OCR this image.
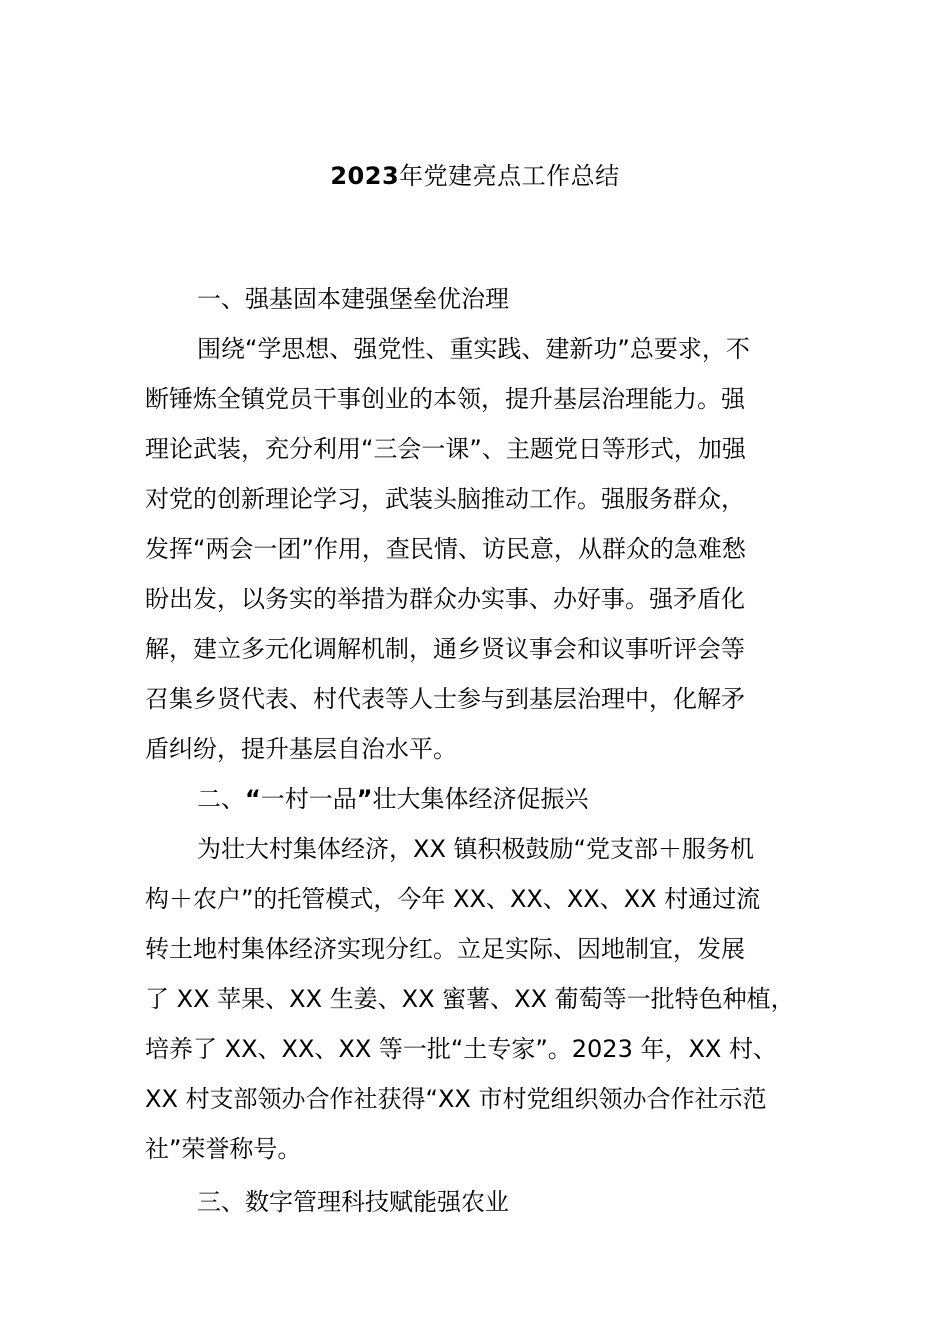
2023年党建亮点工作总结
一、强基固本建强堡垒优治理
围绕“学思想、强党性、重实践、建新功”总要求，不
断锤炼全镇党员干事创业的本领，提升基层治理能力。强
理论武装，充分利用“三会一课”、主题党日等形式，加强
对党的创新理论学习，武装头脑推动工作。强服务群众，
发挥“两会一团”作用，查民情、访民意，从群众的急难愁
盼出发，以务实的举措为群众办实事、办好事。强矛盾化
解，建立多元化调解机制，通乡贤议事会和议事听评会等
召集乡贤代表、村代表等人士参与到基层治理中，化解矛
盾纠纷，提升基层自治水平。
二、“一村一品”壮大集体经济促振兴
为壮大村集体经济，XX 镇积极鼓励“党支部＋服务机
构＋农户”的托管模式，今年 XX、XX、XX、XX 村通过流
转土地村集体经济实现分红。立足实际、因地制宜，发展
了 XX 苹果、XX 生姜、XX 蜜薯、XX 葡萄等一批特色种植，
培养了 XX、XX、XX 等一批“土专家”。2023 年，XX 村、
XX 村支部领办合作社获得“XX 市村党组织领办合作社示范
社”荣誉称号。
三、数字管理科技赋能强农业
